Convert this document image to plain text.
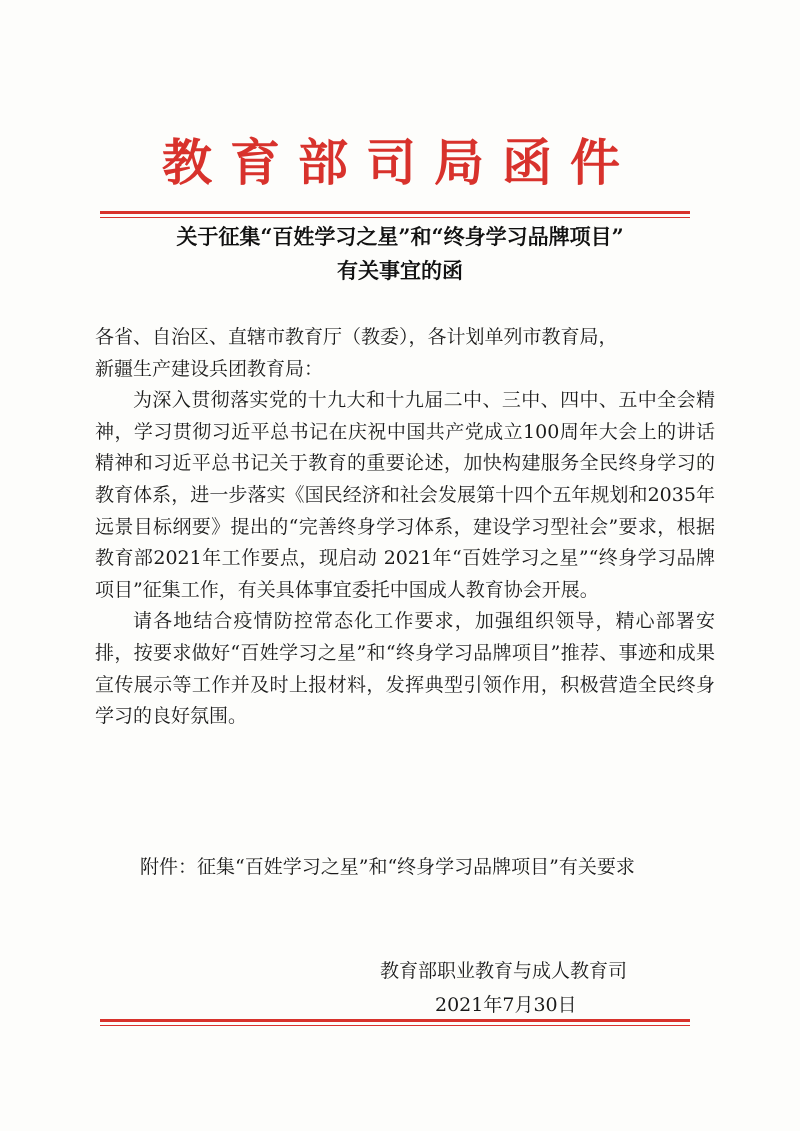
教育部司局函件
关于征集“百姓学习之星”和“终身学习品牌项目”
有关事宜的函

各省、自治区、直辖市教育厅（教委），各计划单列市教育局，

新疆生产建设兵团教育局：

为深入贯彻落实党的十九大和十九届二中、三中、四中、五中全会精神，学习贯彻习近平总书记在庆祝中国共产党成立100周年大会上的讲话精神和习近平总书记关于教育的重要论述，加快构建服务全民终身学习的教育体系，进一步落实《国民经济和社会发展第十四个五年规划和2035年远景目标纲要》提出的“完善终身学习体系，建设学习型社会”要求，根据教育部2021年工作要点，现启动 2021年“百姓学习之星”“终身学习品牌项目”征集工作，有关具体事宜委托中国成人教育协会开展。

请各地结合疫情防控常态化工作要求，加强组织领导，精心部署安排，按要求做好“百姓学习之星”和“终身学习品牌项目”推荐、事迹和成果宣传展示等工作并及时上报材料，发挥典型引领作用，积极营造全民终身学习的良好氛围。

附件：征集“百姓学习之星”和“终身学习品牌项目”有关要求
教育部职业教育与成人教育司
2021年7月30日
